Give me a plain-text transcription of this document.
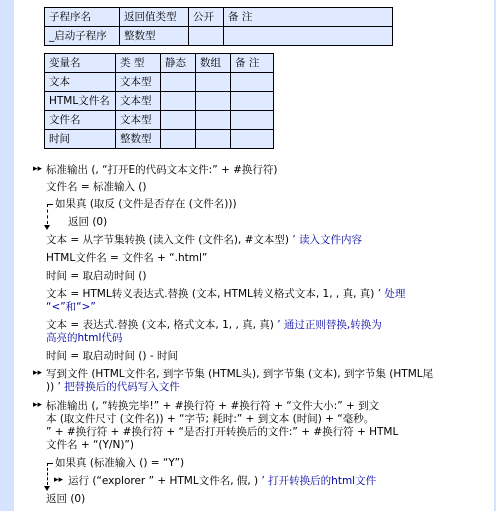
子程序名	返回值类型	公开	备 注
_启动子程序	整数型		
变量名	类 型	静态	数组	备 注
文本	文本型			
HTML文件名	文本型			
文件名	文本型			
时间	整数型			
▸▸ 标准输出 (, “打开E的代码文本文件:” + #换行符)
文件名 = 标准输入 ()
如果真 (取反 (文件是否存在 (文件名)))
返回 (0)
文本 = 从字节集转换 (读入文件 (文件名), #文本型) ’ 读入文件内容
HTML文件名 = 文件名 + “.html”
时间 = 取启动时间 ()
文本 = HTML转义表达式.替换 (文本, HTML转义格式文本, 1, , 真, 真) ’ 处理
“<”和“>”
文本 = 表达式.替换 (文本, 格式文本, 1, , 真, 真) ’ 通过正则替换,转换为
高亮的html代码
时间 = 取启动时间 () - 时间
▸▸ 写到文件 (HTML文件名, 到字节集 (HTML头), 到字节集 (文本), 到字节集 (HTML尾
)) ’ 把替换后的代码写入文件
▸▸ 标准输出 (, “转换完毕!” + #换行符 + #换行符 + “文件大小:” + 到文
本 (取文件尺寸 (文件名)) + “字节; 耗时:” + 到文本 (时间) + “毫秒。
” + #换行符 + #换行符 + “是否打开转换后的文件:” + #换行符 + HTML
文件名 + “(Y/N)”)
如果真 (标准输入 () = “Y”)
▸▸ 运行 (“explorer ” + HTML文件名, 假, ) ’ 打开转换后的html文件
返回 (0)
